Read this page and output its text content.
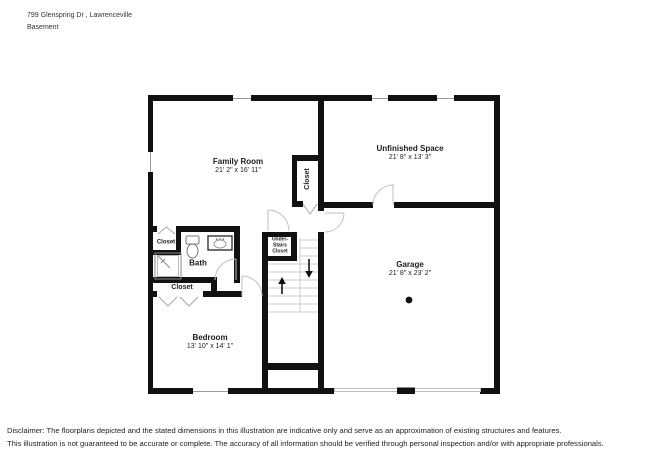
799 Glenspring Dr , Lawrenceville
Basement
Family Room
21' 2" x 16' 11"
Unfinished Space
21' 8" x 13' 3"
Garage
21' 8" x 23' 2"
Bedroom
13' 10" x 14' 1"
Bath
Closet
Closet
Closet
Under-
Stairs
Closet
Disclaimer: The floorplans depicted and the stated dimensions in this illustration are indicative only and serve as an approximation of existing structures and features.
This illustration is not guaranteed to be accurate or complete. The accuracy of all information should be verified through personal inspection and/or with appropriate professionals.
